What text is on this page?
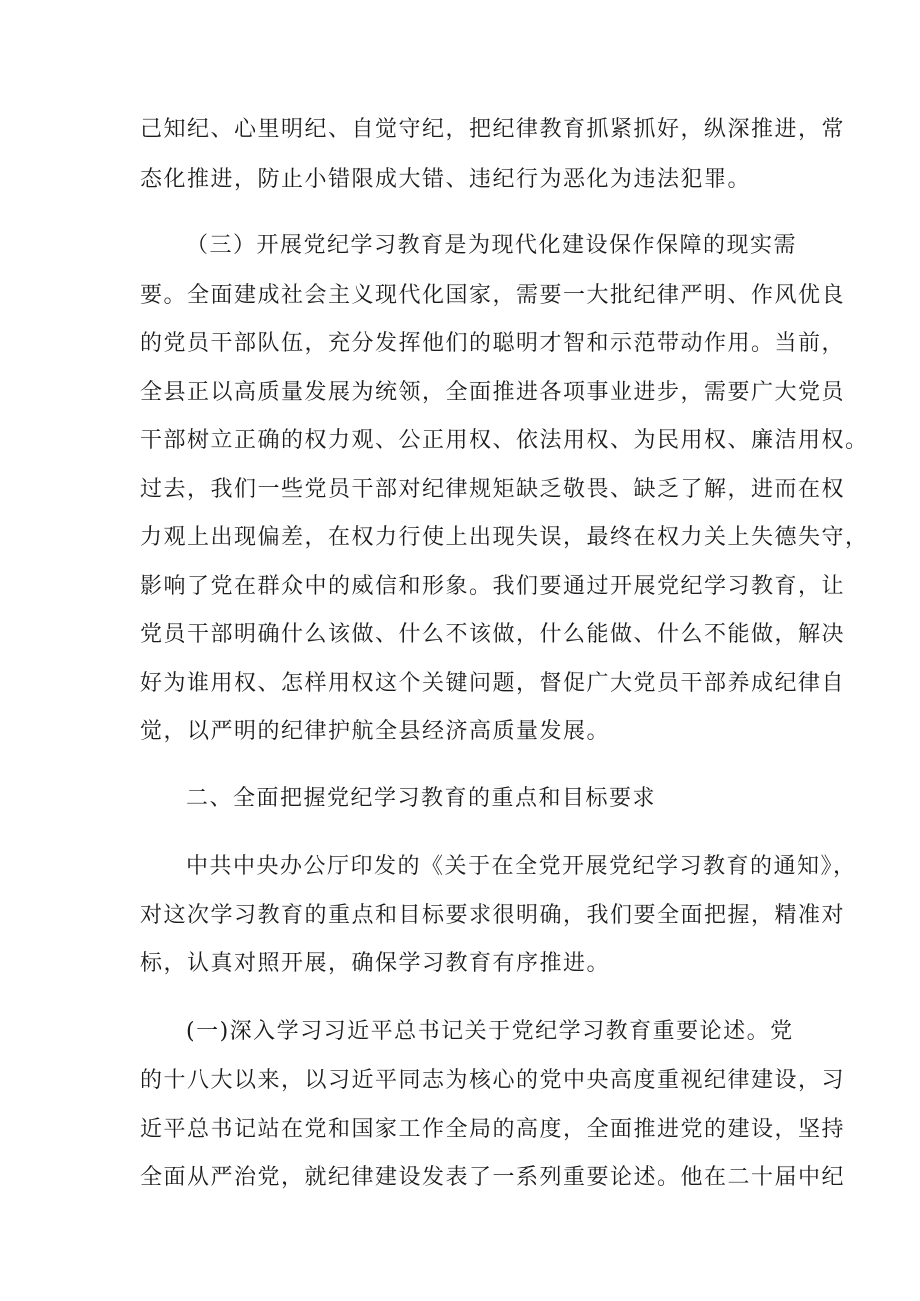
己知纪、心里明纪、自觉守纪，把纪律教育抓紧抓好，纵深推进，常
态化推进，防止小错限成大错、违纪行为恶化为违法犯罪。
（三）开展党纪学习教育是为现代化建设保作保障的现实需
要。全面建成社会主义现代化国家，需要一大批纪律严明、作风优良
的党员干部队伍，充分发挥他们的聪明才智和示范带动作用。当前，
全县正以高质量发展为统领，全面推进各项事业进步，需要广大党员
干部树立正确的权力观、公正用权、依法用权、为民用权、廉洁用权。
过去，我们一些党员干部对纪律规矩缺乏敬畏、缺乏了解，进而在权
力观上出现偏差，在权力行使上出现失误，最终在权力关上失德失守，
影响了党在群众中的威信和形象。我们要通过开展党纪学习教育，让
党员干部明确什么该做、什么不该做，什么能做、什么不能做，解决
好为谁用权、怎样用权这个关键问题，督促广大党员干部养成纪律自
觉，以严明的纪律护航全县经济高质量发展。
二、全面把握党纪学习教育的重点和目标要求
中共中央办公厅印发的《关于在全党开展党纪学习教育的通知》，
对这次学习教育的重点和目标要求很明确，我们要全面把握，精准对
标，认真对照开展，确保学习教育有序推进。
(一)深入学习习近平总书记关于党纪学习教育重要论述。党
的十八大以来，以习近平同志为核心的党中央高度重视纪律建设，习
近平总书记站在党和国家工作全局的高度，全面推进党的建设，坚持
全面从严治党，就纪律建设发表了一系列重要论述。他在二十届中纪
